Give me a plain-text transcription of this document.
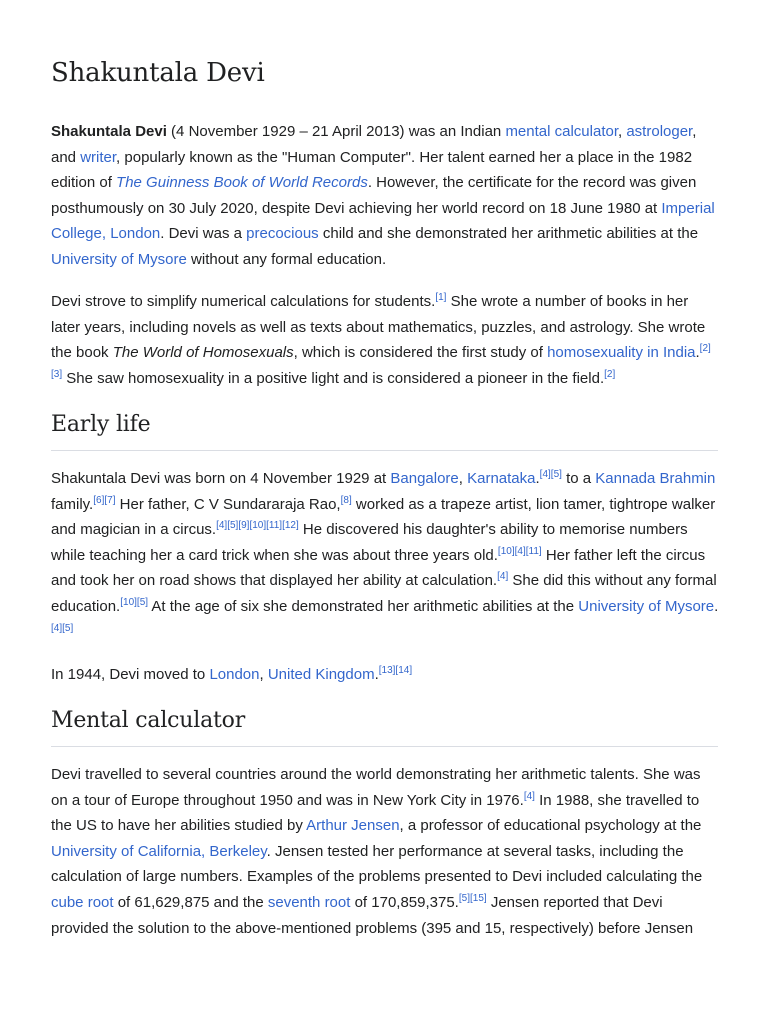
Shakuntala Devi

Shakuntala Devi (4 November 1929 – 21 April 2013) was an Indian mental calculator, astrologer, and writer, popularly known as the "Human Computer". Her talent earned her a place in the 1982 edition of The Guinness Book of World Records. However, the certificate for the record was given posthumously on 30 July 2020, despite Devi achieving her world record on 18 June 1980 at Imperial College, London. Devi was a precocious child and she demonstrated her arithmetic abilities at the University of Mysore without any formal education.

Devi strove to simplify numerical calculations for students.[1] She wrote a number of books in her later years, including novels as well as texts about mathematics, puzzles, and astrology. She wrote the book The World of Homosexuals, which is considered the first study of homosexuality in India.[2][3] She saw homosexuality in a positive light and is considered a pioneer in the field.[2]

Early life

Shakuntala Devi was born on 4 November 1929 at Bangalore, Karnataka.[4][5] to a Kannada Brahmin family.[6][7] Her father, C V Sundararaja Rao,[8] worked as a trapeze artist, lion tamer, tightrope walker and magician in a circus.[4][5][9][10][11][12] He discovered his daughter's ability to memorise numbers while teaching her a card trick when she was about three years old.[10][4][11] Her father left the circus and took her on road shows that displayed her ability at calculation.[4] She did this without any formal education.[10][5] At the age of six she demonstrated her arithmetic abilities at the University of Mysore.[4][5]

In 1944, Devi moved to London, United Kingdom.[13][14]

Mental calculator

Devi travelled to several countries around the world demonstrating her arithmetic talents. She was on a tour of Europe throughout 1950 and was in New York City in 1976.[4] In 1988, she travelled to the US to have her abilities studied by Arthur Jensen, a professor of educational psychology at the University of California, Berkeley. Jensen tested her performance at several tasks, including the calculation of large numbers. Examples of the problems presented to Devi included calculating the cube root of 61,629,875 and the seventh root of 170,859,375.[5][15] Jensen reported that Devi provided the solution to the above-mentioned problems (395 and 15, respectively) before Jensen
